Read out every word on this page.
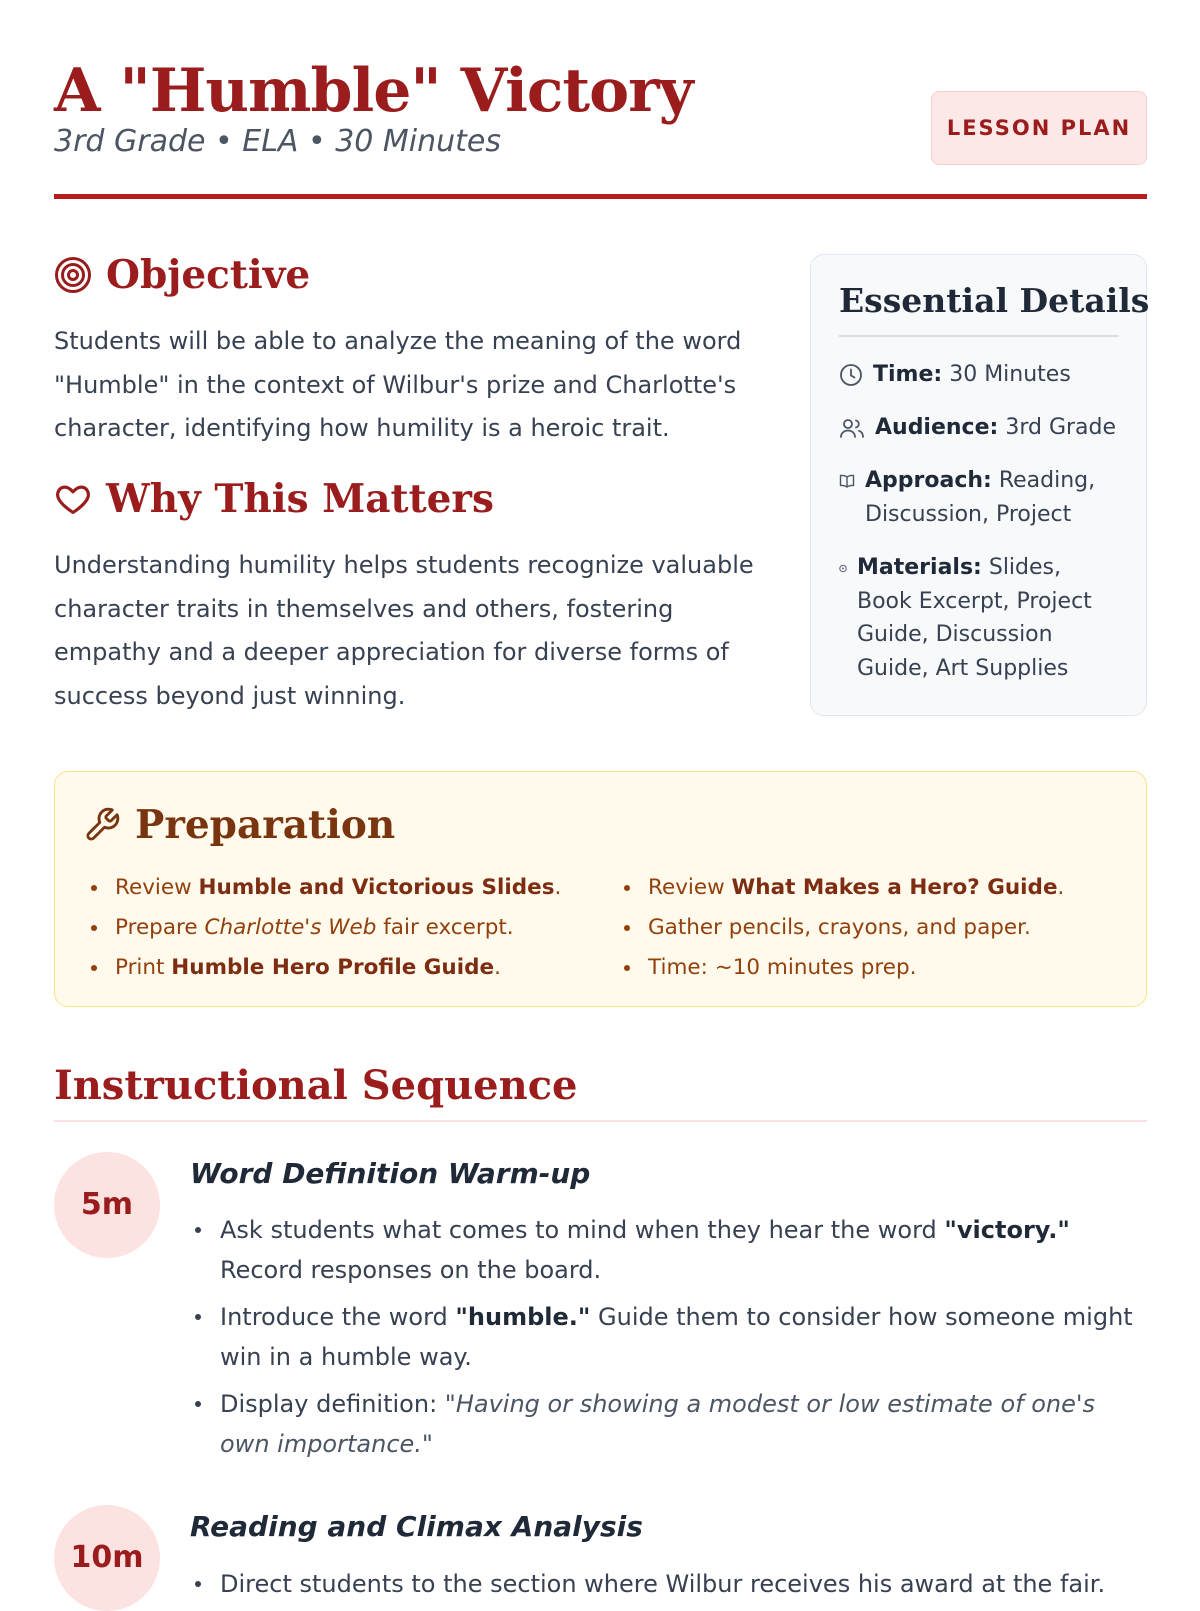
A "Humble" Victory
3rd Grade • ELA • 30 Minutes	LESSON PLAN
Objective

Students will be able to analyze the meaning of the word "Humble" in the context of Wilbur's prize and Charlotte's character, identifying how humility is a heroic trait.

Why This Matters

Understanding humility helps students recognize valuable character traits in themselves and others, fostering empathy and a deeper appreciation for diverse forms of success beyond just winning.

Essential Details
Time: 30 Minutes
Audience: 3rd Grade
Approach: Reading, Discussion, Project
Materials: Slides, Book Excerpt, Project Guide, Discussion Guide, Art Supplies
Preparation
Review Humble and Victorious Slides.
Prepare Charlotte's Web fair excerpt.
Print Humble Hero Profile Guide.
Review What Makes a Hero? Guide.
Gather pencils, crayons, and paper.
Time: ~10 minutes prep.
Instructional Sequence
5m
Word Definition Warm-up
Ask students what comes to mind when they hear the word "victory." Record responses on the board.
Introduce the word "humble." Guide them to consider how someone might win in a humble way.
Display definition: "Having or showing a modest or low estimate of one's own importance."
10m
Reading and Climax Analysis
Direct students to the section where Wilbur receives his award at the fair.
